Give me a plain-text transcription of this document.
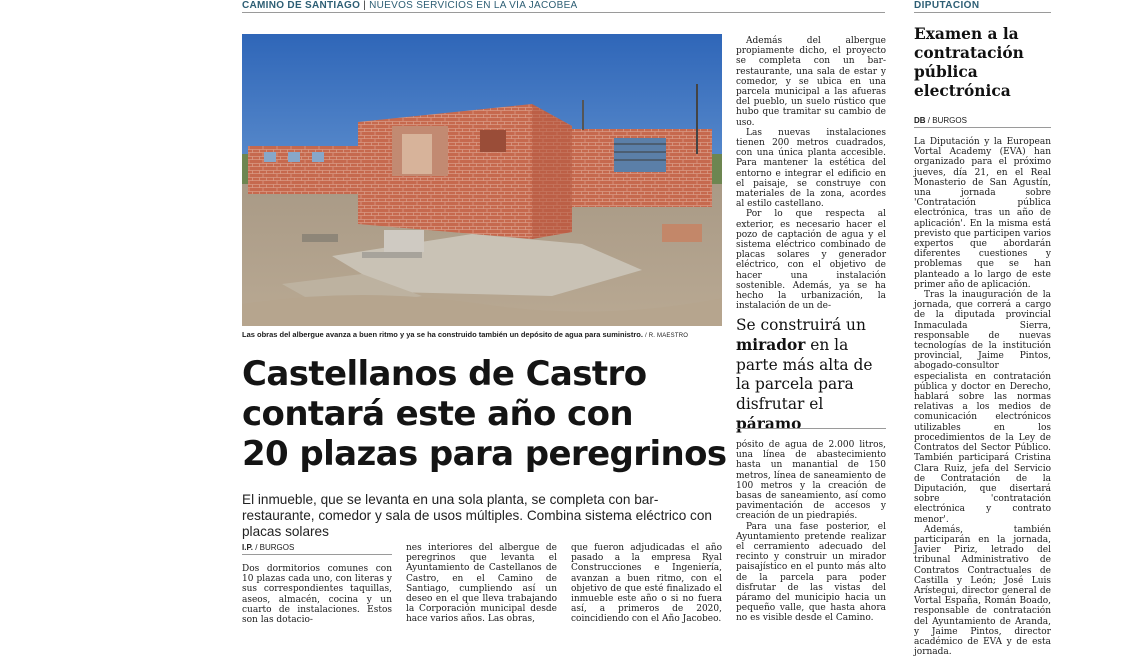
CAMINO DE SANTIAGO | NUEVOS SERVICIOS EN LA VÍA JACOBEA	DIPUTACIÓN
Las obras del albergue avanza a buen ritmo y ya se ha construido también un depósito de agua para suministro. / R. MAESTRO
Castellanos de Castro
contará este año con
20 plazas para peregrinos

El inmueble, que se levanta en una sola planta, se completa con bar-restaurante, comedor y sala de usos múltiples. Combina sistema eléctrico con placas solares

I.P. / BURGOS

Dos dormitorios comunes con 10 plazas cada uno, con literas y sus correspondientes taquillas, aseos, almacén, cocina y un cuarto de instalaciones. Estos son las dotacio-

nes interiores del albergue de peregrinos que levanta el Ayuntamiento de Castellanos de Castro, en el Camino de Santiago, cumpliendo así un deseo en el que lleva trabajando la Corporación municipal desde hace varios años. Las obras,

que fueron adjudicadas el año pasado a la empresa Ryal Construcciones e Ingeniería, avanzan a buen ritmo, con el objetivo de que esté finalizado el inmueble este año o si no fuera así, a primeros de 2020, coincidiendo con el Año Jacobeo.

Además del albergue propiamente dicho, el proyecto se completa con un bar-restaurante, una sala de estar y comedor, y se ubica en una parcela municipal a las afueras del pueblo, un suelo rústico que hubo que tramitar su cambio de uso.

Las nuevas instalaciones tienen 200 metros cuadrados, con una única planta accesible. Para mantener la estética del entorno e integrar el edificio en el paisaje, se construye con materiales de la zona, acordes al estilo castellano.

Por lo que respecta al exterior, es necesario hacer el pozo de captación de agua y el sistema eléctrico combinado de placas solares y generador eléctrico, con el objetivo de hacer una instalación sostenible. Además, ya se ha hecho la urbanización, la instalación de un de-

Se construirá un mirador en la parte más alta de la parcela para disfrutar el páramo

pósito de agua de 2.000 litros, una línea de abastecimiento hasta un manantial de 150 metros, línea de saneamiento de 100 metros y la creación de basas de saneamiento, así como pavimentación de accesos y creación de un piedrapiés.

Para una fase posterior, el Ayuntamiento pretende realizar el cerramiento adecuado del recinto y construir un mirador paisajístico en el punto más alto de la parcela para poder disfrutar de las vistas del páramo del municipio hacia un pequeño valle, que hasta ahora no es visible desde el Camino.

Examen a la contratación pública electrónica
DB / BURGOS

La Diputación y la European Vortal Academy (EVA) han organizado para el próximo jueves, día 21, en el Real Monasterio de San Agustín, una jornada sobre 'Contratación pública electrónica, tras un año de aplicación'. En la misma está previsto que participen varios expertos que abordarán diferentes cuestiones y problemas que se han planteado a lo largo de este primer año de aplicación.

Tras la inauguración de la jornada, que correrá a cargo de la diputada provincial Inmaculada Sierra, responsable de nuevas tecnologías de la institución provincial, Jaime Pintos, abogado-consultor especialista en contratación pública y doctor en Derecho, hablará sobre las normas relativas a los medios de comunicación electrónicos utilizables en los procedimientos de la Ley de Contratos del Sector Público. También participará Cristina Clara Ruiz, jefa del Servicio de Contratación de la Diputación, que disertará sobre 'contratación electrónica y contrato menor'.

Además, también participarán en la jornada, Javier Piriz, letrado del tribunal Administrativo de Contratos Contractuales de Castilla y León; José Luis Arístegui, director general de Vortal España, Román Boado, responsable de contratación del Ayuntamiento de Aranda, y Jaime Pintos, director académico de EVA y de esta jornada.
